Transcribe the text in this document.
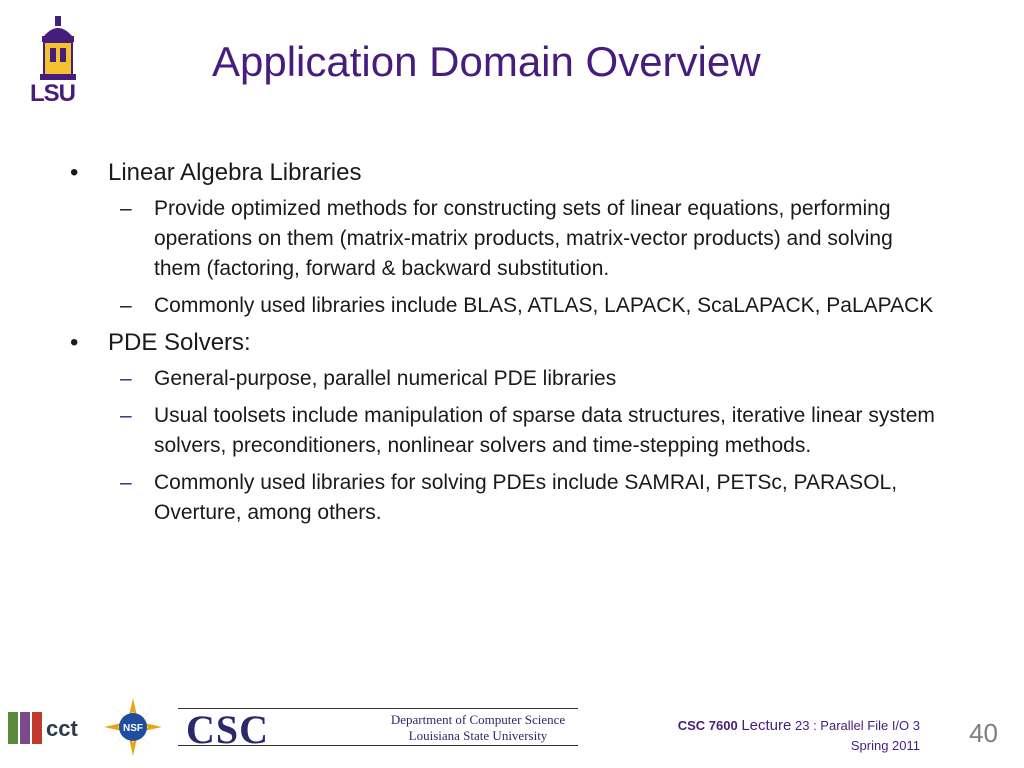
LSU
Application Domain Overview
• Linear Algebra Libraries
– Provide optimized methods for constructing sets of linear equations, performing operations on them (matrix-matrix products, matrix-vector products) and solving them (factoring, forward & backward substitution.
– Commonly used libraries include BLAS, ATLAS, LAPACK, ScaLAPACK, PaLAPACK
• PDE Solvers:
– General-purpose, parallel numerical PDE libraries
– Usual toolsets include manipulation of sparse data structures, iterative linear system solvers, preconditioners, nonlinear solvers and time-stepping methods.
– Commonly used libraries for solving PDEs include SAMRAI, PETSc, PARASOL, Overture, among others.
cct	NSF CSC	Department of Computer Science
Louisiana State University
CSC 7600 Lecture 23 : Parallel File I/O 3
Spring 2011 40
